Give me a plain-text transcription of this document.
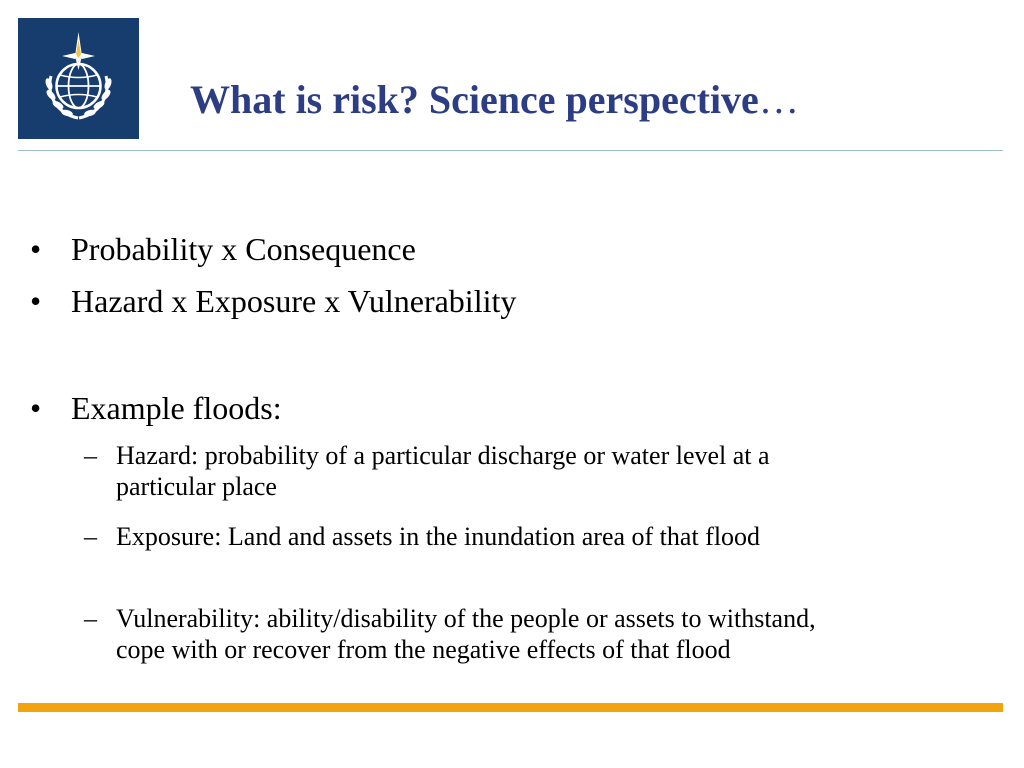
What is risk? Science perspective…
• Probability x Consequence
• Hazard x Exposure x Vulnerability
• Example floods:
– Hazard: probability of a particular discharge or water level at a particular place
– Exposure: Land and assets in the inundation area of that flood
– Vulnerability: ability/disability of the people or assets to withstand, cope with or recover from the negative effects of that flood
